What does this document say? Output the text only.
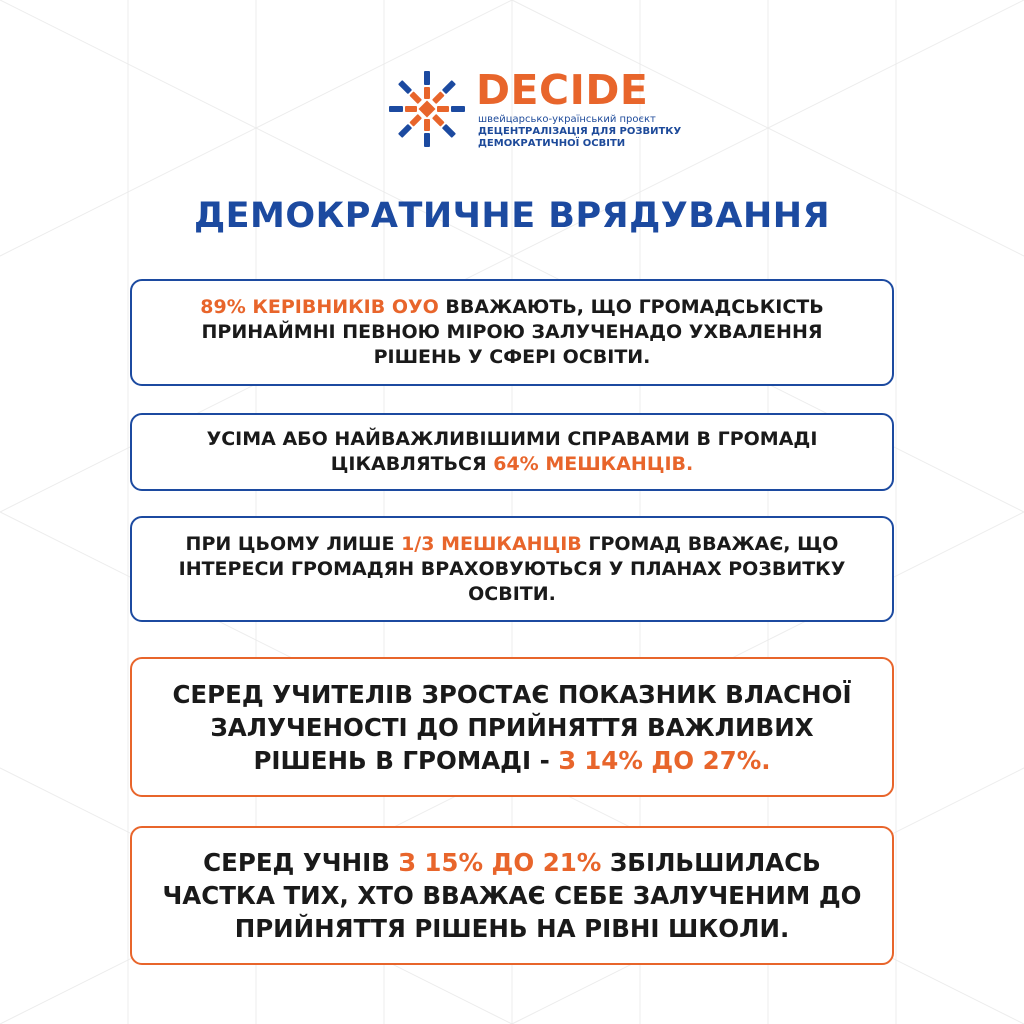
DECIDE
швейцарсько-український проєкт
ДЕЦЕНТРАЛІЗАЦІЯ ДЛЯ РОЗВИТКУ
ДЕМОКРАТИЧНОЇ ОСВІТИ
ДЕМОКРАТИЧНЕ ВРЯДУВАННЯ
89% КЕРІВНИКІВ ОУО ВВАЖАЮТЬ, ЩО ГРОМАДСЬКІСТЬ ПРИНАЙМНІ ПЕВНОЮ МІРОЮ ЗАЛУЧЕНАДО УХВАЛЕННЯ РІШЕНЬ У СФЕРІ ОСВІТИ.
УСІМА АБО НАЙВАЖЛИВІШИМИ СПРАВАМИ В ГРОМАДІ ЦІКАВЛЯТЬСЯ 64% МЕШКАНЦІВ.
ПРИ ЦЬОМУ ЛИШЕ 1/3 МЕШКАНЦІВ ГРОМАД ВВАЖАЄ, ЩО ІНТЕРЕСИ ГРОМАДЯН ВРАХОВУЮТЬСЯ У ПЛАНАХ РОЗВИТКУ ОСВІТИ.
СЕРЕД УЧИТЕЛІВ ЗРОСТАЄ ПОКАЗНИК ВЛАСНОЇ ЗАЛУЧЕНОСТІ ДО ПРИЙНЯТТЯ ВАЖЛИВИХ РІШЕНЬ В ГРОМАДІ - З 14% ДО 27%.
СЕРЕД УЧНІВ З 15% ДО 21% ЗБІЛЬШИЛАСЬ ЧАСТКА ТИХ, ХТО ВВАЖАЄ СЕБЕ ЗАЛУЧЕНИМ ДО ПРИЙНЯТТЯ РІШЕНЬ НА РІВНІ ШКОЛИ.
